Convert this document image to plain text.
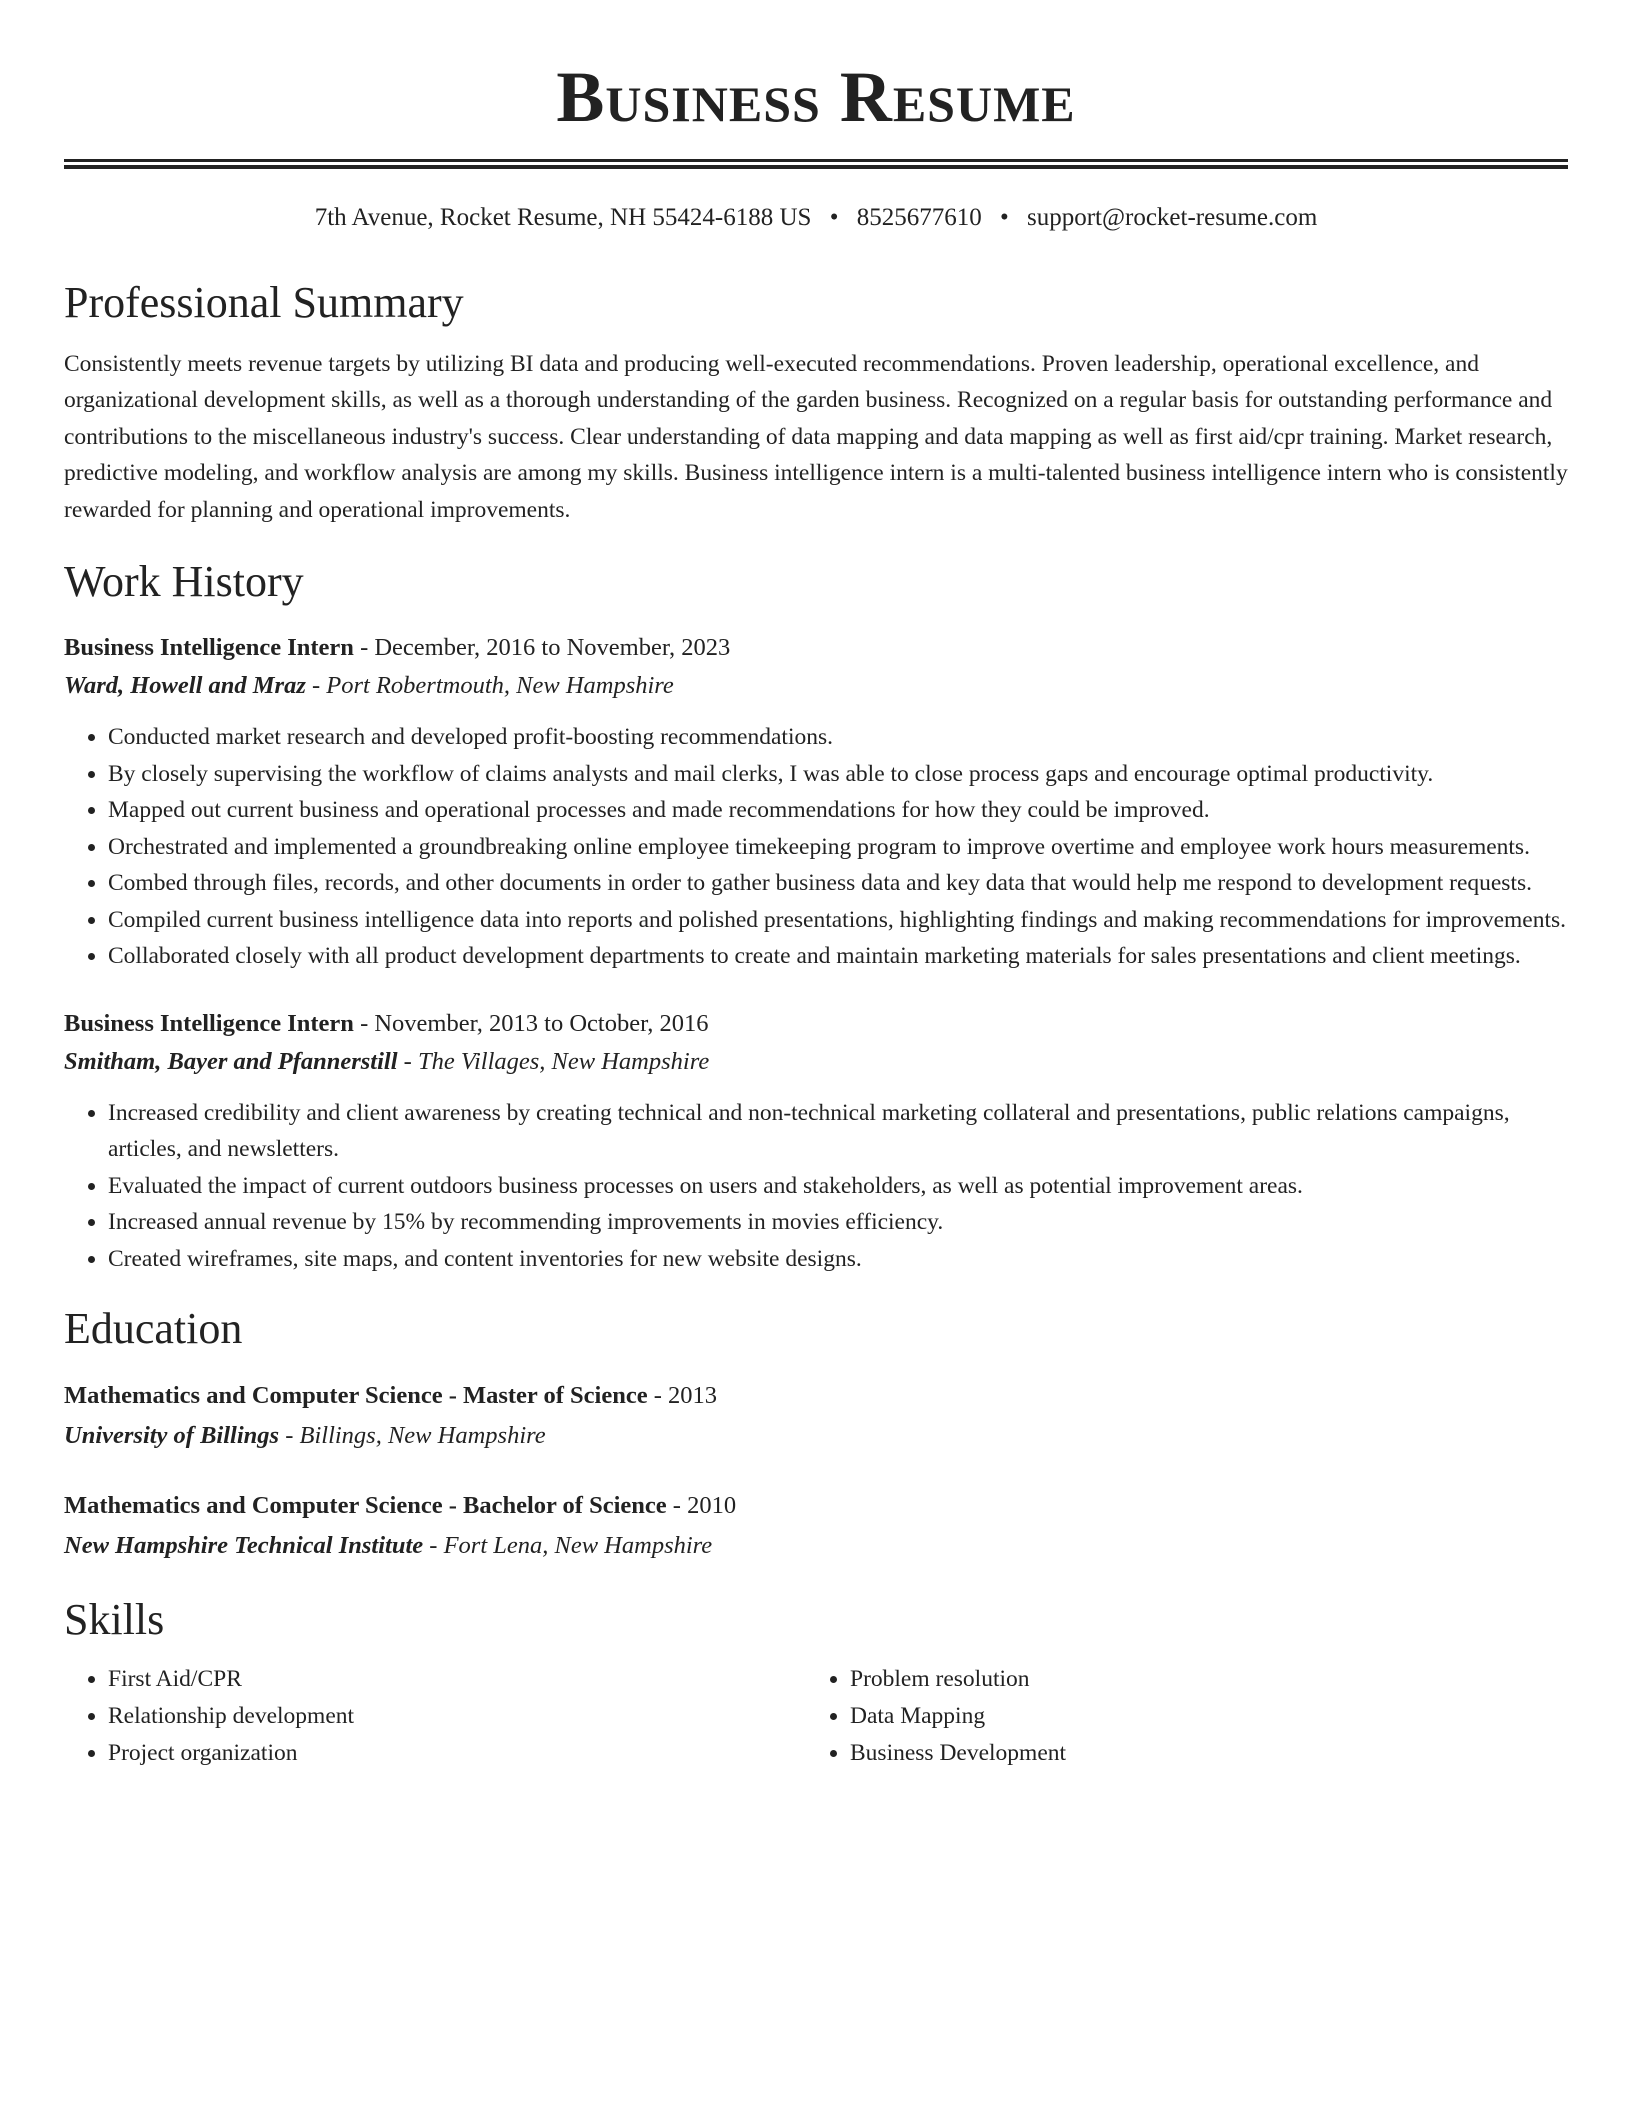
Business Resume
7th Avenue, Rocket Resume, NH 55424-6188 US • 8525677610 • support@rocket-resume.com
Professional Summary
Consistently meets revenue targets by utilizing BI data and producing well-executed recommendations. Proven leadership, operational excellence, and organizational development skills, as well as a thorough understanding of the garden business. Recognized on a regular basis for outstanding performance and contributions to the miscellaneous industry's success. Clear understanding of data mapping and data mapping as well as first aid/cpr training. Market research, predictive modeling, and workflow analysis are among my skills. Business intelligence intern is a multi-talented business intelligence intern who is consistently rewarded for planning and operational improvements.
Work History
Business Intelligence Intern - December, 2016 to November, 2023
Ward, Howell and Mraz - Port Robertmouth, New Hampshire
• Conducted market research and developed profit-boosting recommendations.
• By closely supervising the workflow of claims analysts and mail clerks, I was able to close process gaps and encourage optimal productivity.
• Mapped out current business and operational processes and made recommendations for how they could be improved.
• Orchestrated and implemented a groundbreaking online employee timekeeping program to improve overtime and employee work hours measurements.
• Combed through files, records, and other documents in order to gather business data and key data that would help me respond to development requests.
• Compiled current business intelligence data into reports and polished presentations, highlighting findings and making recommendations for improvements.
• Collaborated closely with all product development departments to create and maintain marketing materials for sales presentations and client meetings.
Business Intelligence Intern - November, 2013 to October, 2016
Smitham, Bayer and Pfannerstill - The Villages, New Hampshire
• Increased credibility and client awareness by creating technical and non-technical marketing collateral and presentations, public relations campaigns, articles, and newsletters.
• Evaluated the impact of current outdoors business processes on users and stakeholders, as well as potential improvement areas.
• Increased annual revenue by 15% by recommending improvements in movies efficiency.
• Created wireframes, site maps, and content inventories for new website designs.
Education
Mathematics and Computer Science - Master of Science - 2013
University of Billings - Billings, New Hampshire
Mathematics and Computer Science - Bachelor of Science - 2010
New Hampshire Technical Institute - Fort Lena, New Hampshire
Skills
• First Aid/CPR
• Relationship development
• Project organization
• Problem resolution
• Data Mapping
• Business Development
